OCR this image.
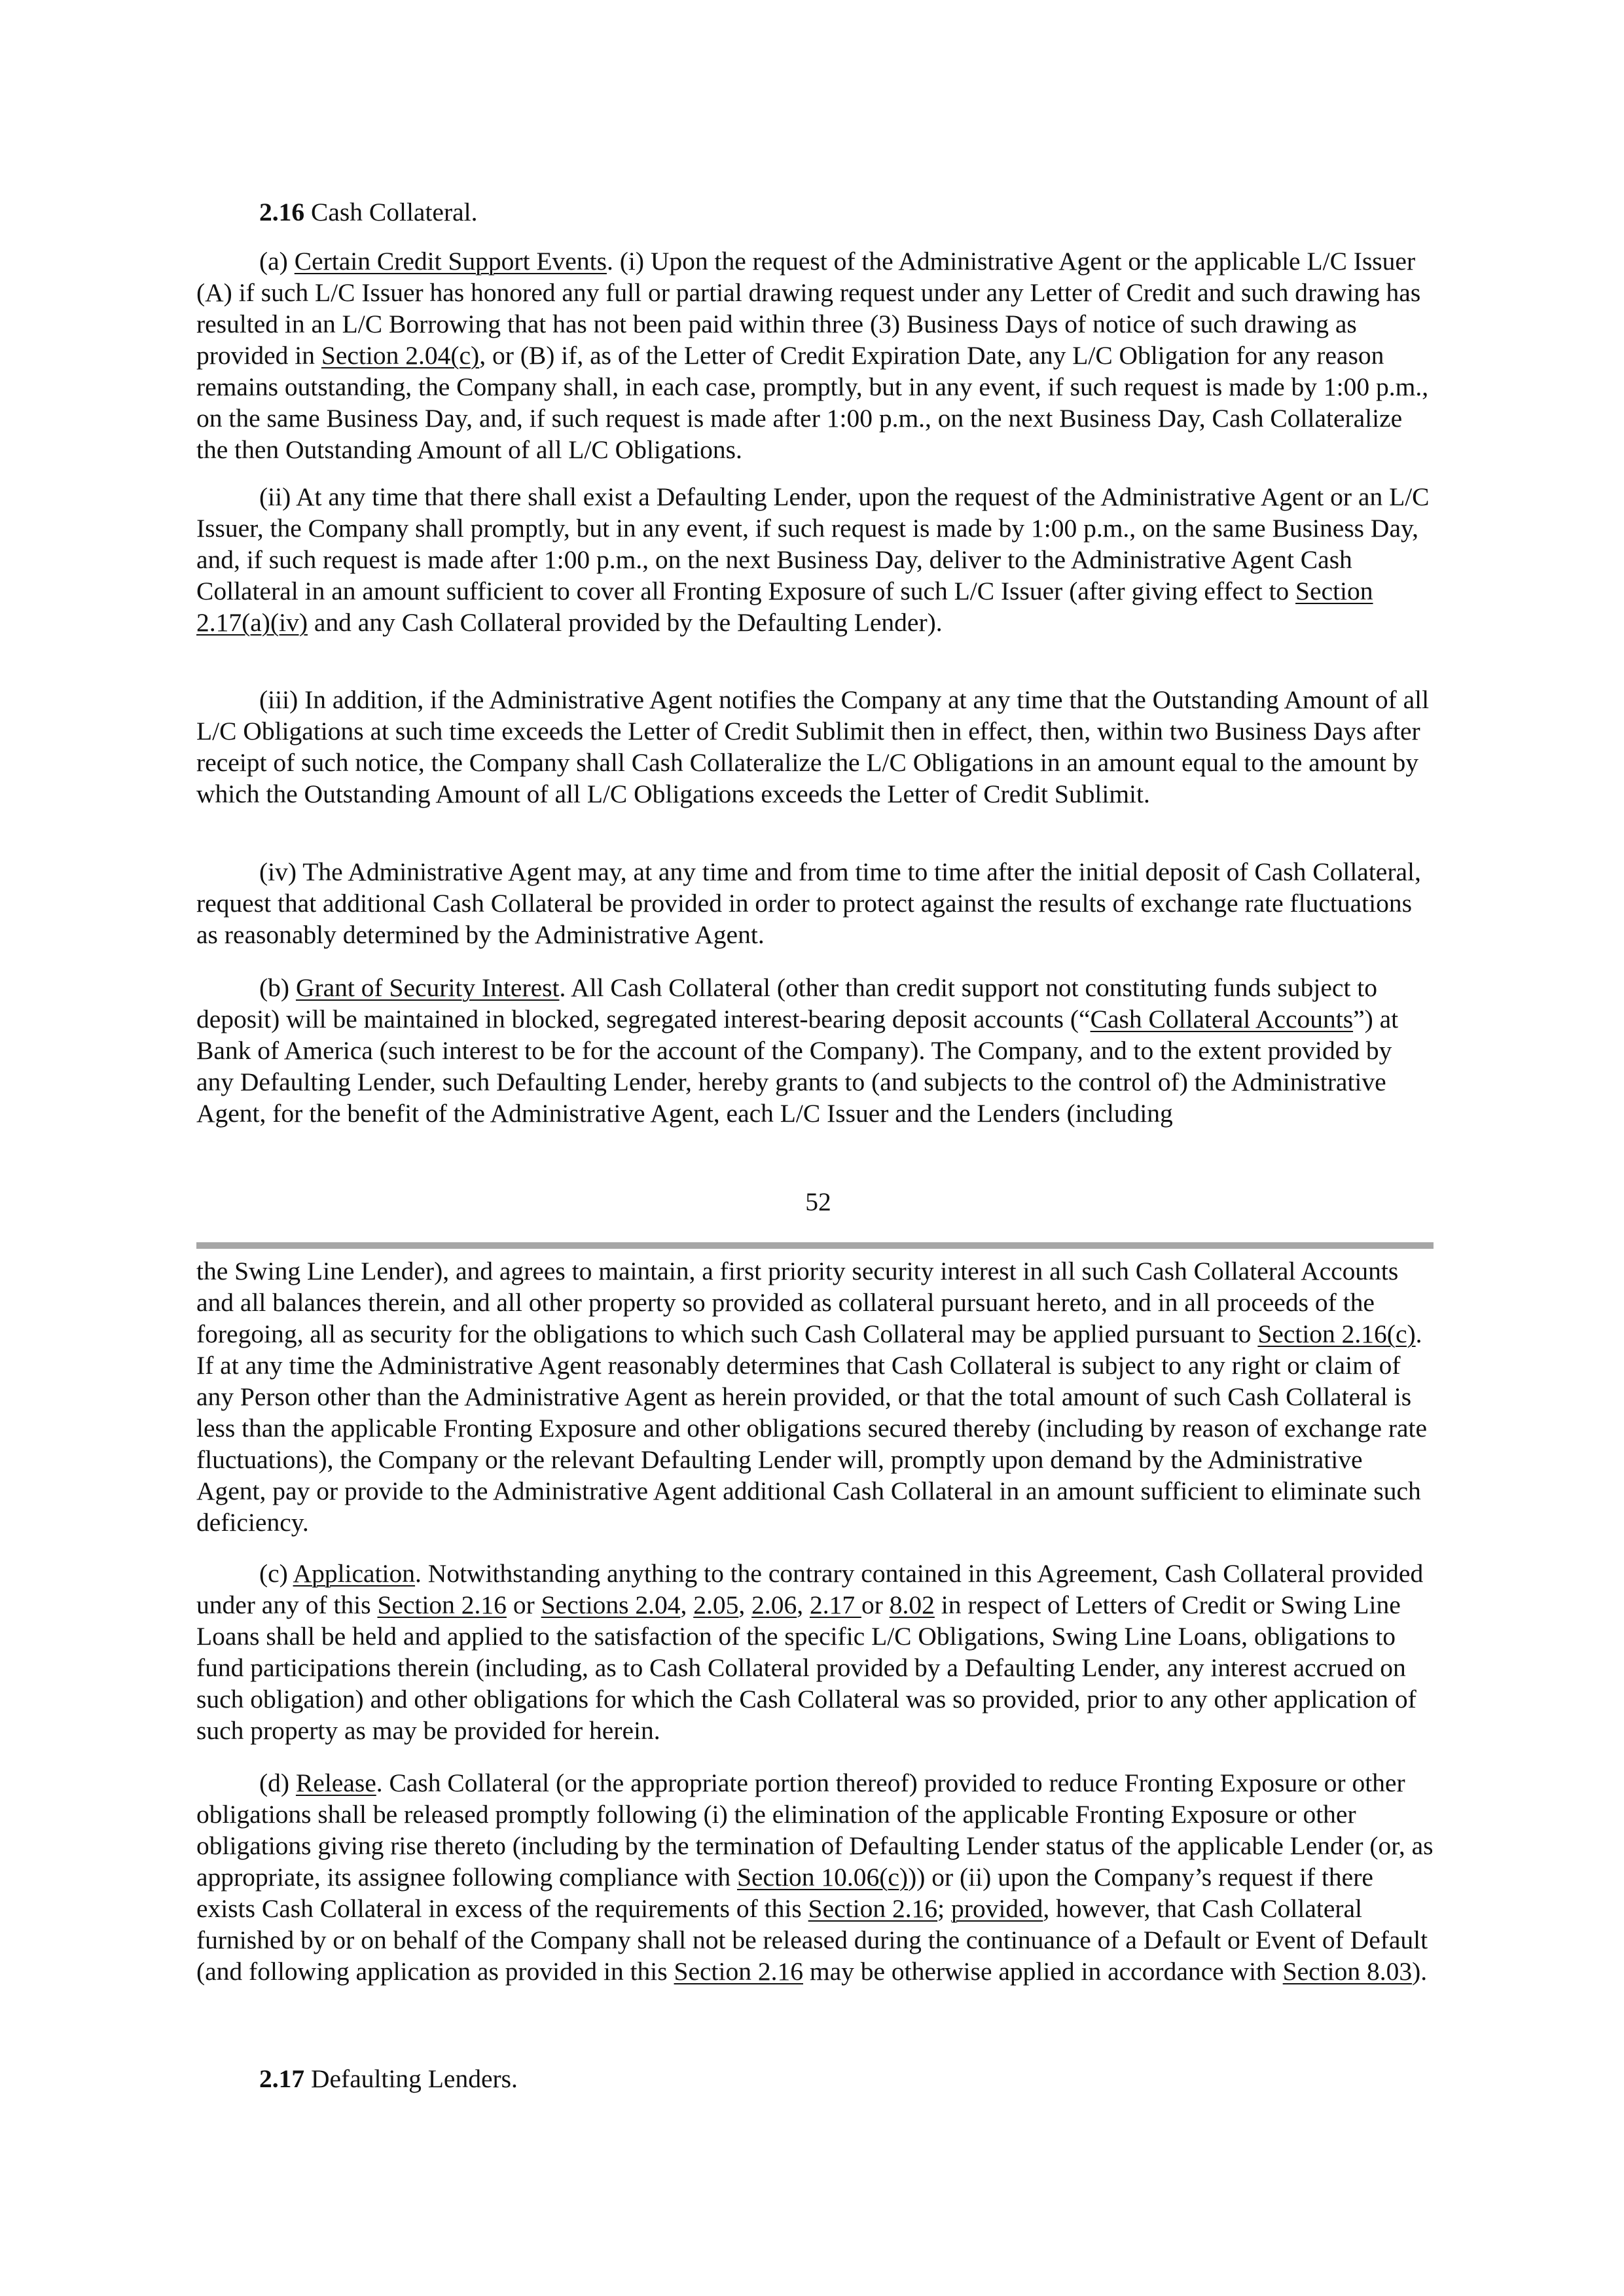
2.16 Cash Collateral.

(a) Certain Credit Support Events. (i) Upon the request of the Administrative Agent or the applicable L/C Issuer (A) if such L/C Issuer has honored any full or partial drawing request under any Letter of Credit and such drawing has resulted in an L/C Borrowing that has not been paid within three (3) Business Days of notice of such drawing as provided in Section 2.04(c), or (B) if, as of the Letter of Credit Expiration Date, any L/C Obligation for any reason remains outstanding, the Company shall, in each case, promptly, but in any event, if such request is made by 1:00 p.m., on the same Business Day, and, if such request is made after 1:00 p.m., on the next Business Day, Cash Collateralize the then Outstanding Amount of all L/C Obligations.

(ii) At any time that there shall exist a Defaulting Lender, upon the request of the Administrative Agent or an L/C Issuer, the Company shall promptly, but in any event, if such request is made by 1:00 p.m., on the same Business Day, and, if such request is made after 1:00 p.m., on the next Business Day, deliver to the Administrative Agent Cash Collateral in an amount sufficient to cover all Fronting Exposure of such L/C Issuer (after giving effect to Section 2.17(a)(iv) and any Cash Collateral provided by the Defaulting Lender).

(iii) In addition, if the Administrative Agent notifies the Company at any time that the Outstanding Amount of all L/C Obligations at such time exceeds the Letter of Credit Sublimit then in effect, then, within two Business Days after receipt of such notice, the Company shall Cash Collateralize the L/C Obligations in an amount equal to the amount by which the Outstanding Amount of all L/C Obligations exceeds the Letter of Credit Sublimit.

(iv) The Administrative Agent may, at any time and from time to time after the initial deposit of Cash Collateral, request that additional Cash Collateral be provided in order to protect against the results of exchange rate fluctuations as reasonably determined by the Administrative Agent.

(b) Grant of Security Interest. All Cash Collateral (other than credit support not constituting funds subject to deposit) will be maintained in blocked, segregated interest-bearing deposit accounts (“Cash Collateral Accounts”) at Bank of America (such interest to be for the account of the Company). The Company, and to the extent provided by any Defaulting Lender, such Defaulting Lender, hereby grants to (and subjects to the control of) the Administrative Agent, for the benefit of the Administrative Agent, each L/C Issuer and the Lenders (including

52

the Swing Line Lender), and agrees to maintain, a first priority security interest in all such Cash Collateral Accounts and all balances therein, and all other property so provided as collateral pursuant hereto, and in all proceeds of the foregoing, all as security for the obligations to which such Cash Collateral may be applied pursuant to Section 2.16(c). If at any time the Administrative Agent reasonably determines that Cash Collateral is subject to any right or claim of any Person other than the Administrative Agent as herein provided, or that the total amount of such Cash Collateral is less than the applicable Fronting Exposure and other obligations secured thereby (including by reason of exchange rate fluctuations), the Company or the relevant Defaulting Lender will, promptly upon demand by the Administrative Agent, pay or provide to the Administrative Agent additional Cash Collateral in an amount sufficient to eliminate such deficiency.

(c) Application. Notwithstanding anything to the contrary contained in this Agreement, Cash Collateral provided under any of this Section 2.16 or Sections 2.04, 2.05, 2.06, 2.17 or 8.02 in respect of Letters of Credit or Swing Line Loans shall be held and applied to the satisfaction of the specific L/C Obligations, Swing Line Loans, obligations to fund participations therein (including, as to Cash Collateral provided by a Defaulting Lender, any interest accrued on such obligation) and other obligations for which the Cash Collateral was so provided, prior to any other application of such property as may be provided for herein.

(d) Release. Cash Collateral (or the appropriate portion thereof) provided to reduce Fronting Exposure or other obligations shall be released promptly following (i) the elimination of the applicable Fronting Exposure or other obligations giving rise thereto (including by the termination of Defaulting Lender status of the applicable Lender (or, as appropriate, its assignee following compliance with Section 10.06(c))) or (ii) upon the Company’s request if there exists Cash Collateral in excess of the requirements of this Section 2.16; provided, however, that Cash Collateral furnished by or on behalf of the Company shall not be released during the continuance of a Default or Event of Default (and following application as provided in this Section 2.16 may be otherwise applied in accordance with Section 8.03).

2.17 Defaulting Lenders.
